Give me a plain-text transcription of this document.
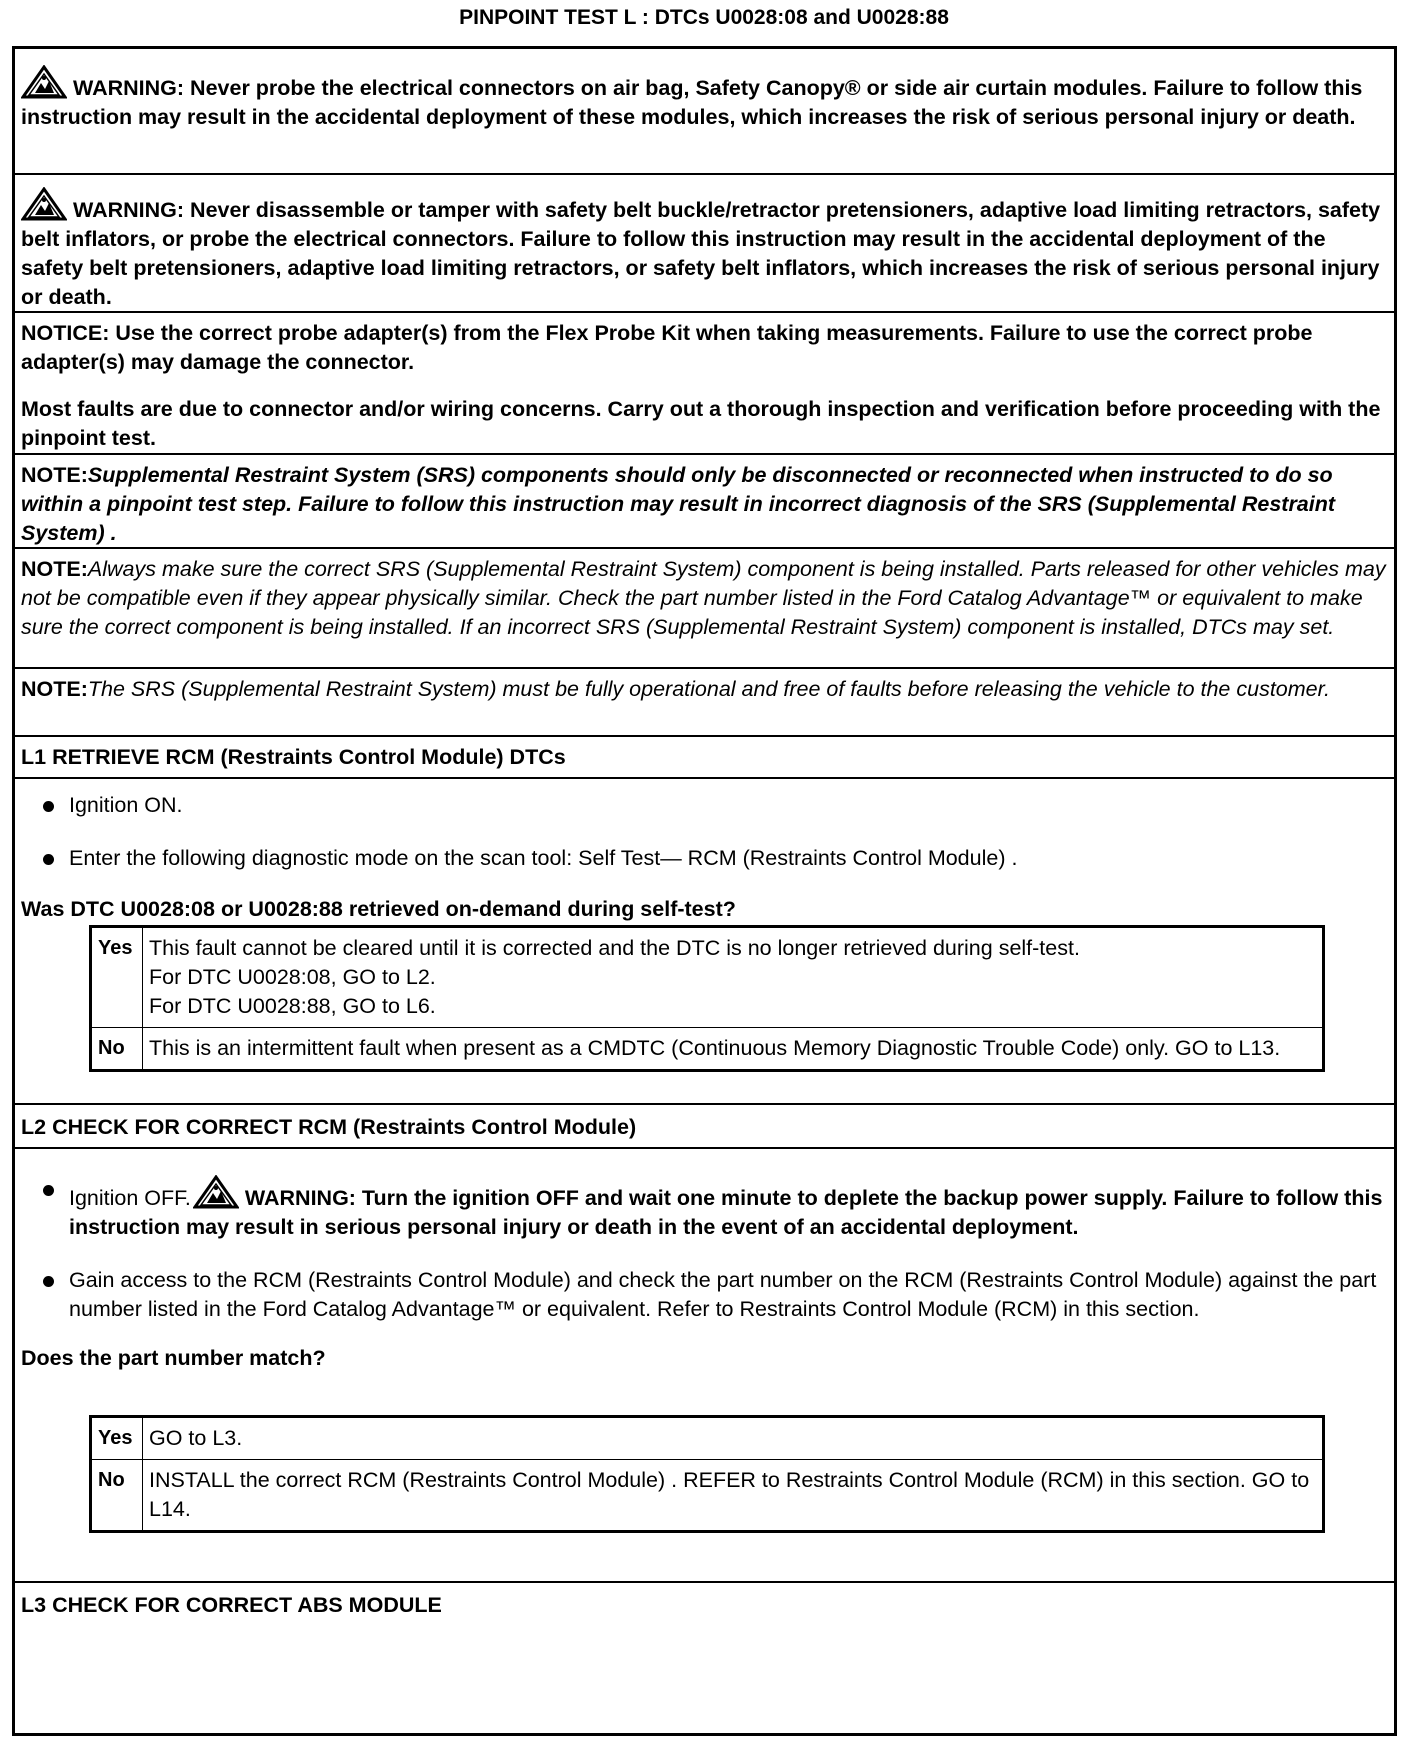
PINPOINT TEST L : DTCs U0028:08 and U0028:88

WARNING: Never probe the electrical connectors on air bag, Safety Canopy® or side air curtain modules. Failure to follow this instruction may result in the accidental deployment of these modules, which increases the risk of serious personal injury or death.

WARNING: Never disassemble or tamper with safety belt buckle/retractor pretensioners, adaptive load limiting retractors, safety belt inflators, or probe the electrical connectors. Failure to follow this instruction may result in the accidental deployment of the safety belt pretensioners, adaptive load limiting retractors, or safety belt inflators, which increases the risk of serious personal injury or death.

NOTICE: Use the correct probe adapter(s) from the Flex Probe Kit when taking measurements. Failure to use the correct probe adapter(s) may damage the connector.

Most faults are due to connector and/or wiring concerns. Carry out a thorough inspection and verification before proceeding with the pinpoint test.

NOTE:Supplemental Restraint System (SRS) components should only be disconnected or reconnected when instructed to do so within a pinpoint test step. Failure to follow this instruction may result in incorrect diagnosis of the SRS (Supplemental Restraint System) .

NOTE:Always make sure the correct SRS (Supplemental Restraint System) component is being installed. Parts released for other vehicles may not be compatible even if they appear physically similar. Check the part number listed in the Ford Catalog Advantage™ or equivalent to make sure the correct component is being installed. If an incorrect SRS (Supplemental Restraint System) component is installed, DTCs may set.

NOTE:The SRS (Supplemental Restraint System) must be fully operational and free of faults before releasing the vehicle to the customer.

L1 RETRIEVE RCM (Restraints Control Module) DTCs

Ignition ON.
Enter the following diagnostic mode on the scan tool: Self Test— RCM (Restraints Control Module) .

Was DTC U0028:08 or U0028:88 retrieved on-demand during self-test?

Yes	This fault cannot be cleared until it is corrected and the DTC is no longer retrieved during self-test.
For DTC U0028:08, GO to L2.
For DTC U0028:88, GO to L6.

No	This is an intermittent fault when present as a CMDTC (Continuous Memory Diagnostic Trouble Code) only. GO to L13.

L2 CHECK FOR CORRECT RCM (Restraints Control Module)

Ignition OFF.	WARNING: Turn the ignition OFF and wait one minute to deplete the backup power supply. Failure to follow this instruction may result in serious personal injury or death in the event of an accidental deployment.
Gain access to the RCM (Restraints Control Module) and check the part number on the RCM (Restraints Control Module) against the part number listed in the Ford Catalog Advantage™ or equivalent. Refer to Restraints Control Module (RCM) in this section.

Does the part number match?

Yes	GO to L3.
No	INSTALL the correct RCM (Restraints Control Module) . REFER to Restraints Control Module (RCM) in this section. GO to L14.

L3 CHECK FOR CORRECT ABS MODULE
